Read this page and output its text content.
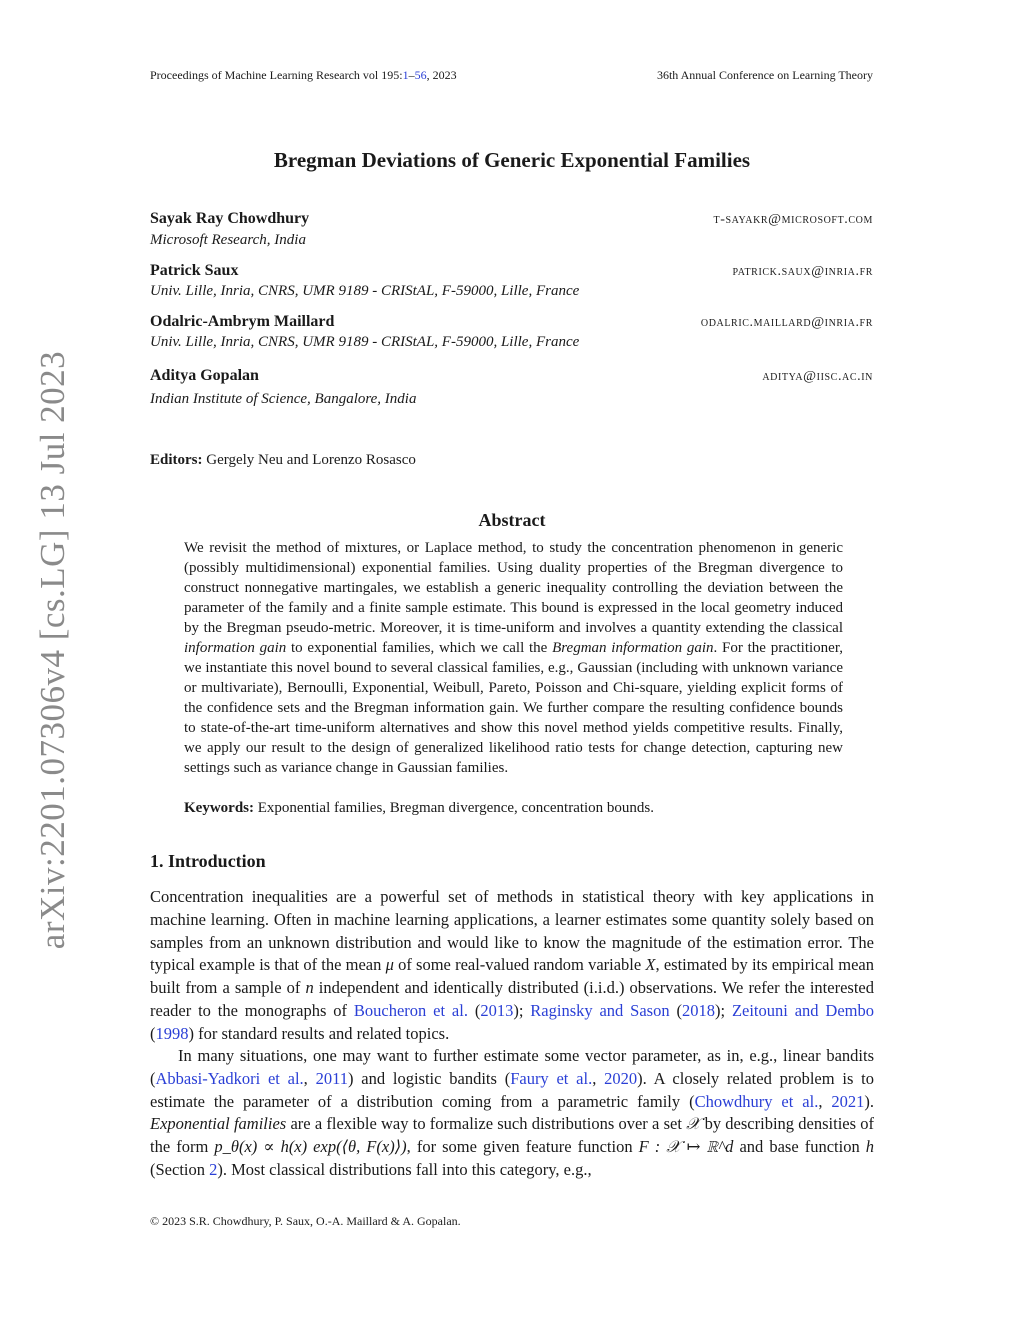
arXiv:2201.07306v4 [cs.LG] 13 Jul 2023
Proceedings of Machine Learning Research vol 195:1–56, 2023	36th Annual Conference on Learning Theory
Bregman Deviations of Generic Exponential Families
Sayak Ray Chowdhury	t-sayakr@microsoft.com
Microsoft Research, India
Patrick Saux	patrick.saux@inria.fr
Univ. Lille, Inria, CNRS, UMR 9189 - CRIStAL, F-59000, Lille, France
Odalric-Ambrym Maillard	odalric.maillard@inria.fr
Univ. Lille, Inria, CNRS, UMR 9189 - CRIStAL, F-59000, Lille, France
Aditya Gopalan	aditya@iisc.ac.in
Indian Institute of Science, Bangalore, India
Editors: Gergely Neu and Lorenzo Rosasco
Abstract

We revisit the method of mixtures, or Laplace method, to study the concentration phenomenon in generic (possibly multidimensional) exponential families. Using duality properties of the Bregman divergence to construct nonnegative martingales, we establish a generic inequality controlling the deviation between the parameter of the family and a finite sample estimate. This bound is expressed in the local geometry induced by the Bregman pseudo-metric. Moreover, it is time-uniform and involves a quantity extending the classical information gain to exponential families, which we call the Bregman information gain. For the practitioner, we instantiate this novel bound to several classical families, e.g., Gaussian (including with unknown variance or multivariate), Bernoulli, Exponential, Weibull, Pareto, Poisson and Chi-square, yielding explicit forms of the confidence sets and the Bregman information gain. We further compare the resulting confidence bounds to state-of-the-art time-uniform alternatives and show this novel method yields competitive results. Finally, we apply our result to the design of generalized likelihood ratio tests for change detection, capturing new settings such as variance change in Gaussian families.

Keywords: Exponential families, Bregman divergence, concentration bounds.
1. Introduction

Concentration inequalities are a powerful set of methods in statistical theory with key applications in machine learning. Often in machine learning applications, a learner estimates some quantity solely based on samples from an unknown distribution and would like to know the magnitude of the estimation error. The typical example is that of the mean μ of some real-valued random variable X, estimated by its empirical mean built from a sample of n independent and identically distributed (i.i.d.) observations. We refer the interested reader to the monographs of Boucheron et al. (2013); Raginsky and Sason (2018); Zeitouni and Dembo (1998) for standard results and related topics.

In many situations, one may want to further estimate some vector parameter, as in, e.g., linear bandits (Abbasi-Yadkori et al., 2011) and logistic bandits (Faury et al., 2020). A closely related problem is to estimate the parameter of a distribution coming from a parametric family (Chowdhury et al., 2021). Exponential families are a flexible way to formalize such distributions over a set 𝒳 by describing densities of the form p_θ(x) ∝ h(x) exp(⟨θ, F(x)⟩), for some given feature function F : 𝒳 ↦ ℝ^d and base function h (Section 2). Most classical distributions fall into this category, e.g.,

© 2023 S.R. Chowdhury, P. Saux, O.-A. Maillard & A. Gopalan.
